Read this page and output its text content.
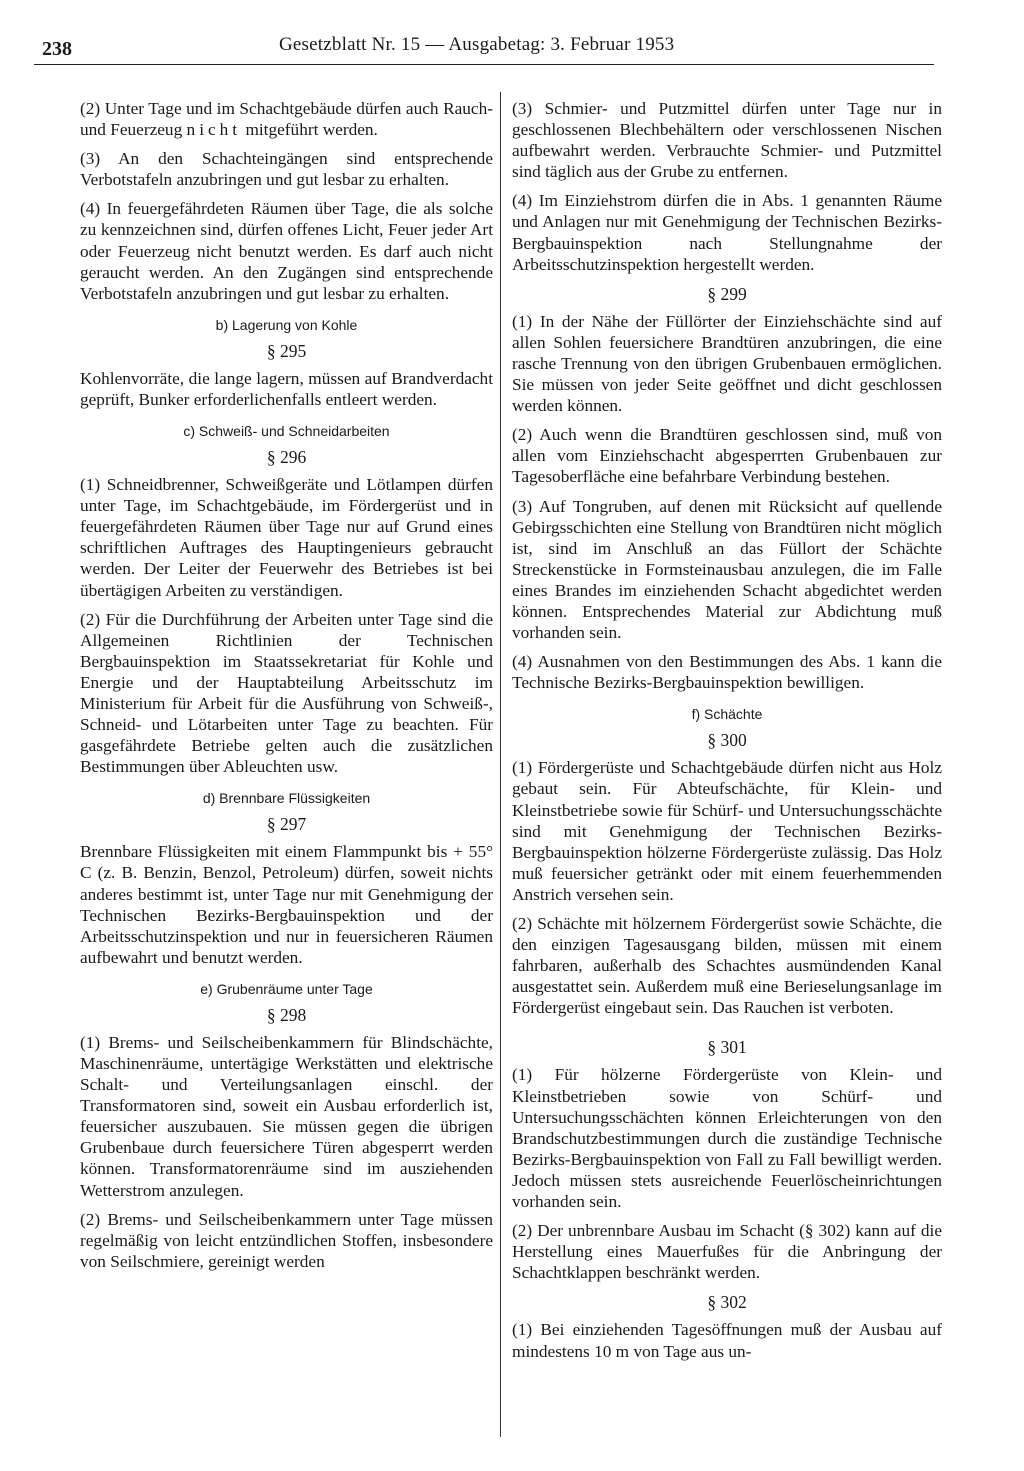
238	Gesetzblatt Nr. 15 — Ausgabetag: 3. Februar 1953

(2) Unter Tage und im Schachtgebäude dürfen auch Rauch- und Feuerzeug nicht mitgeführt werden.

(3) An den Schachteingängen sind entsprechende Verbotstafeln anzubringen und gut lesbar zu erhalten.

(4) In feuergefährdeten Räumen über Tage, die als solche zu kennzeichnen sind, dürfen offenes Licht, Feuer jeder Art oder Feuerzeug nicht benutzt werden. Es darf auch nicht geraucht werden. An den Zugängen sind entsprechende Verbotstafeln anzubringen und gut lesbar zu erhalten.

b) Lagerung von Kohle
§ 295

Kohlenvorräte, die lange lagern, müssen auf Brandverdacht geprüft, Bunker erforderlichenfalls entleert werden.

c) Schweiß- und Schneidarbeiten
§ 296

(1) Schneidbrenner, Schweißgeräte und Lötlampen dürfen unter Tage, im Schachtgebäude, im Fördergerüst und in feuergefährdeten Räumen über Tage nur auf Grund eines schriftlichen Auftrages des Hauptingenieurs gebraucht werden. Der Leiter der Feuerwehr des Betriebes ist bei übertägigen Arbeiten zu verständigen.

(2) Für die Durchführung der Arbeiten unter Tage sind die Allgemeinen Richtlinien der Technischen Bergbauinspektion im Staatssekretariat für Kohle und Energie und der Hauptabteilung Arbeitsschutz im Ministerium für Arbeit für die Ausführung von Schweiß-, Schneid- und Lötarbeiten unter Tage zu beachten. Für gasgefährdete Betriebe gelten auch die zusätzlichen Bestimmungen über Ableuchten usw.

d) Brennbare Flüssigkeiten
§ 297

Brennbare Flüssigkeiten mit einem Flammpunkt bis + 55° C (z. B. Benzin, Benzol, Petroleum) dürfen, soweit nichts anderes bestimmt ist, unter Tage nur mit Genehmigung der Technischen Bezirks-Bergbauinspektion und der Arbeitsschutzinspektion und nur in feuersicheren Räumen aufbewahrt und benutzt werden.

e) Grubenräume unter Tage
§ 298

(1) Brems- und Seilscheibenkammern für Blindschächte, Maschinenräume, untertägige Werkstätten und elektrische Schalt- und Verteilungsanlagen einschl. der Transformatoren sind, soweit ein Ausbau erforderlich ist, feuersicher auszubauen. Sie müssen gegen die übrigen Grubenbaue durch feuersichere Türen abgesperrt werden können. Transformatorenräume sind im ausziehenden Wetterstrom anzulegen.

(2) Brems- und Seilscheibenkammern unter Tage müssen regelmäßig von leicht entzündlichen Stoffen, insbesondere von Seilschmiere, gereinigt werden

(3) Schmier- und Putzmittel dürfen unter Tage nur in geschlossenen Blechbehältern oder verschlossenen Nischen aufbewahrt werden. Verbrauchte Schmier- und Putzmittel sind täglich aus der Grube zu entfernen.

(4) Im Einziehstrom dürfen die in Abs. 1 genannten Räume und Anlagen nur mit Genehmigung der Technischen Bezirks-Bergbauinspektion nach Stellungnahme der Arbeitsschutzinspektion hergestellt werden.

§ 299

(1) In der Nähe der Füllörter der Einziehschächte sind auf allen Sohlen feuersichere Brandtüren anzubringen, die eine rasche Trennung von den übrigen Grubenbauen ermöglichen. Sie müssen von jeder Seite geöffnet und dicht geschlossen werden können.

(2) Auch wenn die Brandtüren geschlossen sind, muß von allen vom Einziehschacht abgesperrten Grubenbauen zur Tagesoberfläche eine befahrbare Verbindung bestehen.

(3) Auf Tongruben, auf denen mit Rücksicht auf quellende Gebirgsschichten eine Stellung von Brandtüren nicht möglich ist, sind im Anschluß an das Füllort der Schächte Streckenstücke in Formsteinausbau anzulegen, die im Falle eines Brandes im einziehenden Schacht abgedichtet werden können. Entsprechendes Material zur Abdichtung muß vorhanden sein.

(4) Ausnahmen von den Bestimmungen des Abs. 1 kann die Technische Bezirks-Bergbauinspektion bewilligen.

f) Schächte
§ 300

(1) Fördergerüste und Schachtgebäude dürfen nicht aus Holz gebaut sein. Für Abteufschächte, für Klein- und Kleinstbetriebe sowie für Schürf- und Untersuchungsschächte sind mit Genehmigung der Technischen Bezirks-Bergbauinspektion hölzerne Fördergerüste zulässig. Das Holz muß feuersicher getränkt oder mit einem feuerhemmenden Anstrich versehen sein.

(2) Schächte mit hölzernem Fördergerüst sowie Schächte, die den einzigen Tagesausgang bilden, müssen mit einem fahrbaren, außerhalb des Schachtes ausmündenden Kanal ausgestattet sein. Außerdem muß eine Berieselungsanlage im Fördergerüst eingebaut sein. Das Rauchen ist verboten.

§ 301

(1) Für hölzerne Fördergerüste von Klein- und Kleinstbetrieben sowie von Schürf- und Untersuchungsschächten können Erleichterungen von den Brandschutzbestimmungen durch die zuständige Technische Bezirks-Bergbauinspektion von Fall zu Fall bewilligt werden. Jedoch müssen stets ausreichende Feuerlöscheinrichtungen vorhanden sein.

(2) Der unbrennbare Ausbau im Schacht (§ 302) kann auf die Herstellung eines Mauerfußes für die Anbringung der Schachtklappen beschränkt werden.

§ 302

(1) Bei einziehenden Tagesöffnungen muß der Ausbau auf mindestens 10 m von Tage aus un-
